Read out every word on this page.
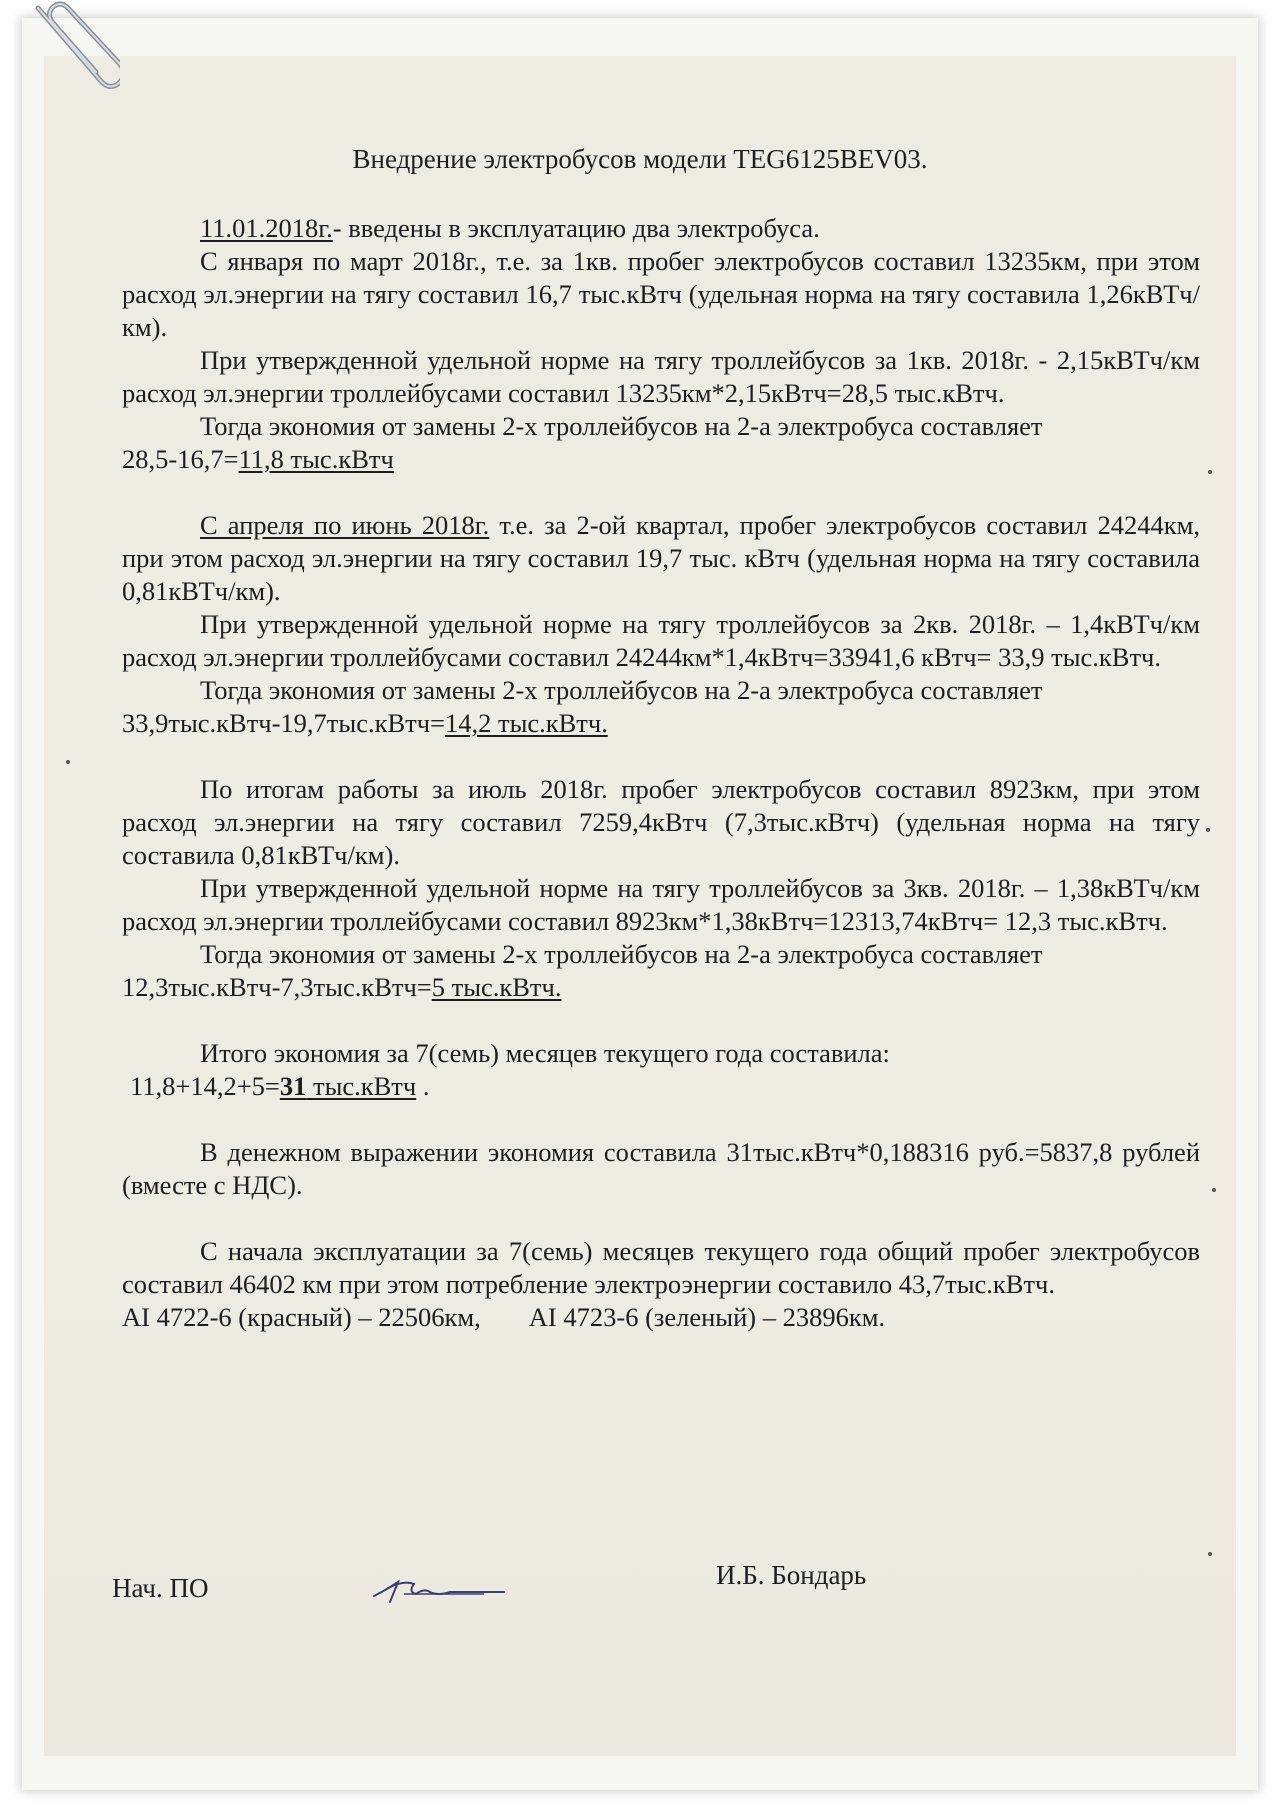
Внедрение электробусов модели TEG6125BEV03.

11.01.2018г.- введены в эксплуатацию два электробуса.

С января по март 2018г., т.е. за 1кв. пробег электробусов составил 13235км, при этом расход эл.энергии на тягу составил 16,7 тыс.кВтч (удельная норма на тягу составила 1,26кВТч/км).

При утвержденной удельной норме на тягу троллейбусов за 1кв. 2018г. - 2,15кВТч/км расход эл.энергии троллейбусами составил 13235км*2,15кВтч=28,5 тыс.кВтч.

Тогда экономия от замены 2-х троллейбусов на 2-а электробуса составляет

28,5-16,7=11,8 тыс.кВтч

С апреля по июнь 2018г. т.е. за 2-ой квартал, пробег электробусов составил 24244км, при этом расход эл.энергии на тягу составил 19,7 тыс. кВтч (удельная норма на тягу составила 0,81кВТч/км).

При утвержденной удельной норме на тягу троллейбусов за 2кв. 2018г. – 1,4кВТч/км расход эл.энергии троллейбусами составил 24244км*1,4кВтч=33941,6 кВтч= 33,9 тыс.кВтч.

Тогда экономия от замены 2-х троллейбусов на 2-а электробуса составляет

33,9тыс.кВтч-19,7тыс.кВтч=14,2 тыс.кВтч.

По итогам работы за июль 2018г. пробег электробусов составил 8923км, при этом расход эл.энергии на тягу составил 7259,4кВтч (7,3тыс.кВтч) (удельная норма на тягу составила 0,81кВТч/км).

При утвержденной удельной норме на тягу троллейбусов за 3кв. 2018г. – 1,38кВТч/км расход эл.энергии троллейбусами составил 8923км*1,38кВтч=12313,74кВтч= 12,3 тыс.кВтч.

Тогда экономия от замены 2-х троллейбусов на 2-а электробуса составляет

12,3тыс.кВтч-7,3тыс.кВтч=5 тыс.кВтч.

Итого экономия за 7(семь) месяцев текущего года составила:

11,8+14,2+5=31 тыс.кВтч .

В денежном выражении экономия составила 31тыс.кВтч*0,188316 руб.=5837,8 рублей (вместе с НДС).

С начала эксплуатации за 7(семь) месяцев текущего года общий пробег электробусов составил 46402 км при этом потребление электроэнергии составило 43,7тыс.кВтч.

AI 4722-6 (красный) – 22506км, AI 4723-6 (зеленый) – 23896км.

Нач. ПО	И.Б. Бондарь
